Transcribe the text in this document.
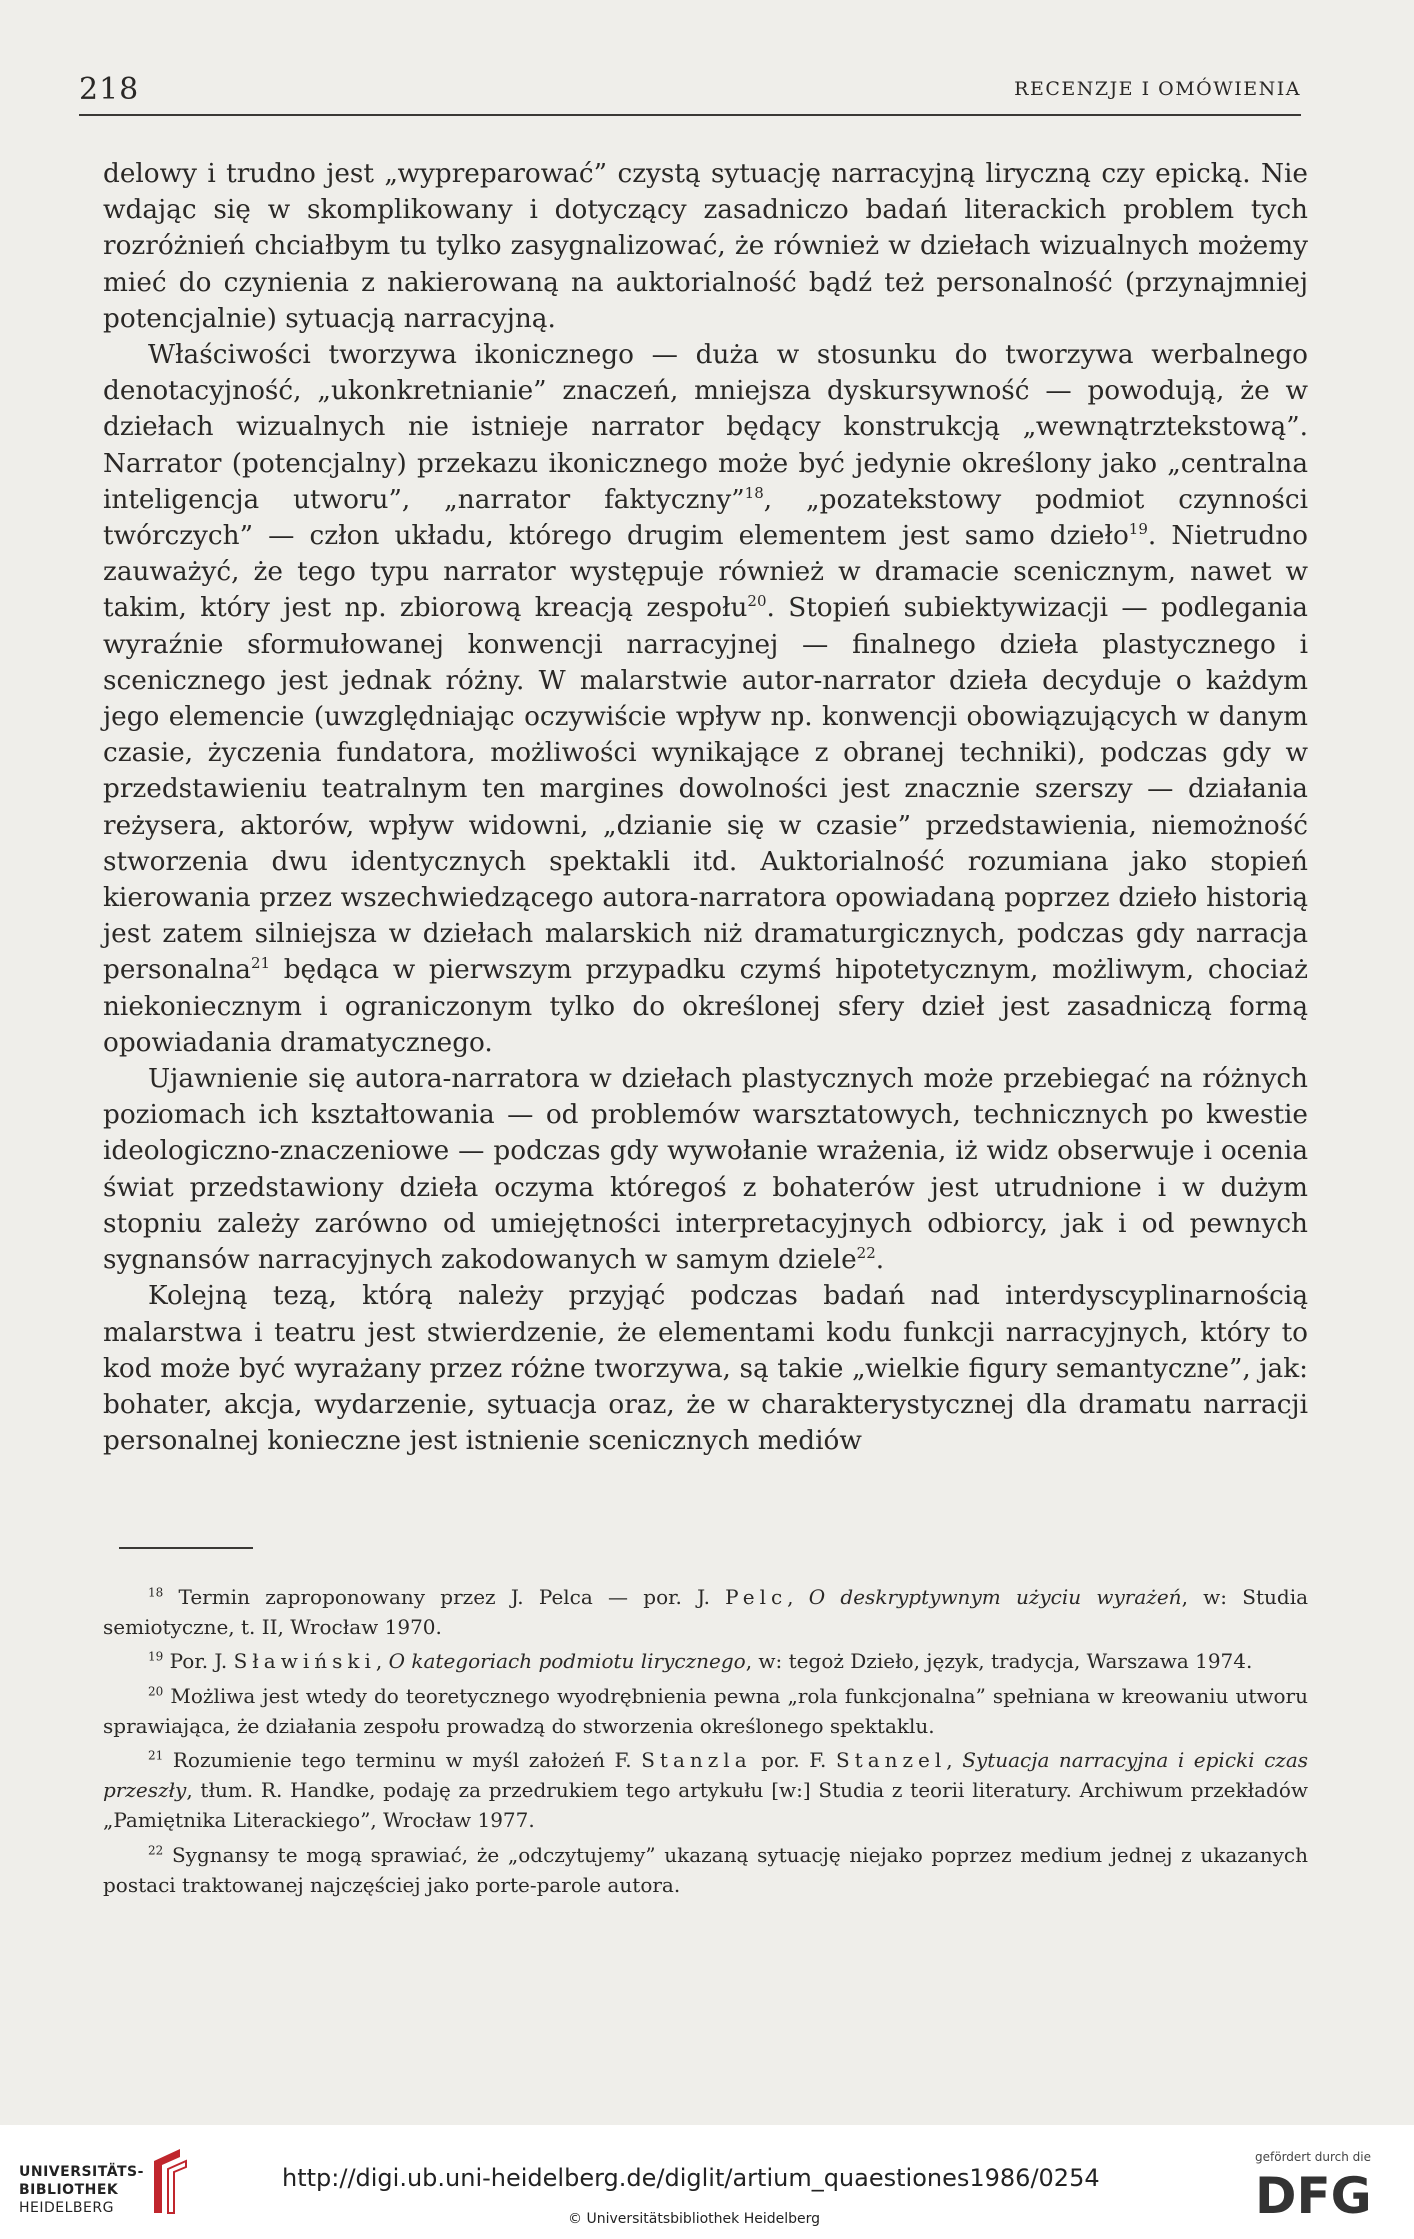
218	RECENZJE I OMÓWIENIA

delowy i trudno jest „wypreparować” czystą sytuację narracyjną liryczną czy epicką. Nie wdając się w skomplikowany i dotyczący zasadniczo badań literackich problem tych rozróżnień chciałbym tu tylko zasygnalizować, że również w dziełach wizualnych możemy mieć do czynienia z nakierowaną na auktorialność bądź też personalność (przynajmniej potencjalnie) sytuacją narracyjną.

Właściwości tworzywa ikonicznego — duża w stosunku do tworzywa werbalnego denotacyjność, „ukonkretnianie” znaczeń, mniejsza dyskursywność — powodują, że w dziełach wizualnych nie istnieje narrator będący konstrukcją „wewnątrztekstową”. Narrator (potencjalny) przekazu ikonicznego może być jedynie określony jako „centralna inteligencja utworu”, „narrator faktyczny”$^{18}$, „pozatekstowy podmiot czynności twórczych” — człon układu, którego drugim elementem jest samo dzieło$^{19}$. Nietrudno zauważyć, że tego typu narrator występuje również w dramacie scenicznym, nawet w takim, który jest np. zbiorową kreacją zespołu$^{20}$. Stopień subiektywizacji — podlegania wyraźnie sformułowanej konwencji narracyjnej — finalnego dzieła plastycznego i scenicznego jest jednak różny. W malarstwie autor-narrator dzieła decyduje o każdym jego elemencie (uwzględniając oczywiście wpływ np. konwencji obowiązujących w danym czasie, życzenia fundatora, możliwości wynikające z obranej techniki), podczas gdy w przedstawieniu teatralnym ten margines dowolności jest znacznie szerszy — działania reżysera, aktorów, wpływ widowni, „dzianie się w czasie” przedstawienia, niemożność stworzenia dwu identycznych spektakli itd. Auktorialność rozumiana jako stopień kierowania przez wszechwiedzącego autora-narratora opowiadaną poprzez dzieło historią jest zatem silniejsza w dziełach malarskich niż dramaturgicznych, podczas gdy narracja personalna$^{21}$ będąca w pierwszym przypadku czymś hipotetycznym, możliwym, chociaż niekoniecznym i ograniczonym tylko do określonej sfery dzieł jest zasadniczą formą opowiadania dramatycznego.

Ujawnienie się autora-narratora w dziełach plastycznych może przebiegać na różnych poziomach ich kształtowania — od problemów warsztatowych, technicznych po kwestie ideologiczno-znaczeniowe — podczas gdy wywołanie wrażenia, iż widz obserwuje i ocenia świat przedstawiony dzieła oczyma któregoś z bohaterów jest utrudnione i w dużym stopniu zależy zarówno od umiejętności interpretacyjnych odbiorcy, jak i od pewnych sygnansów narracyjnych zakodowanych w samym dziele$^{22}$.

Kolejną tezą, którą należy przyjąć podczas badań nad interdyscyplinarnością malarstwa i teatru jest stwierdzenie, że elementami kodu funkcji narracyjnych, który to kod może być wyrażany przez różne tworzywa, są takie „wielkie figury semantyczne”, jak: bohater, akcja, wydarzenie, sytuacja oraz, że w charakterystycznej dla dramatu narracji personalnej konieczne jest istnienie scenicznych mediów

$^{18}$ Termin zaproponowany przez J. Pelca — por. J. Pelc, O deskryptywnym użyciu wyrażeń, w: Studia semiotyczne, t. II, Wrocław 1970.

$^{19}$ Por. J. Sławiński, O kategoriach podmiotu lirycznego, w: tegoż Dzieło, język, tradycja, Warszawa 1974.

$^{20}$ Możliwa jest wtedy do teoretycznego wyodrębnienia pewna „rola funkcjonalna” spełniana w kreowaniu utworu sprawiająca, że działania zespołu prowadzą do stworzenia określonego spektaklu.

$^{21}$ Rozumienie tego terminu w myśl założeń F. Stanzla por. F. Stanzel, Sytuacja narracyjna i epicki czas przeszły, tłum. R. Handke, podaję za przedrukiem tego artykułu [w:] Studia z teorii literatury. Archiwum przekładów „Pamiętnika Literackiego”, Wrocław 1977.

$^{22}$ Sygnansy te mogą sprawiać, że „odczytujemy” ukazaną sytuację niejako poprzez medium jednej z ukazanych postaci traktowanej najczęściej jako porte-parole autora.

UNIVERSITÄTS-
BIBLIOTHEK
HEIDELBERG
http://digi.ub.uni-heidelberg.de/diglit/artium_quaestiones1986/0254
© Universitätsbibliothek Heidelberg
gefördert durch die
DFG
